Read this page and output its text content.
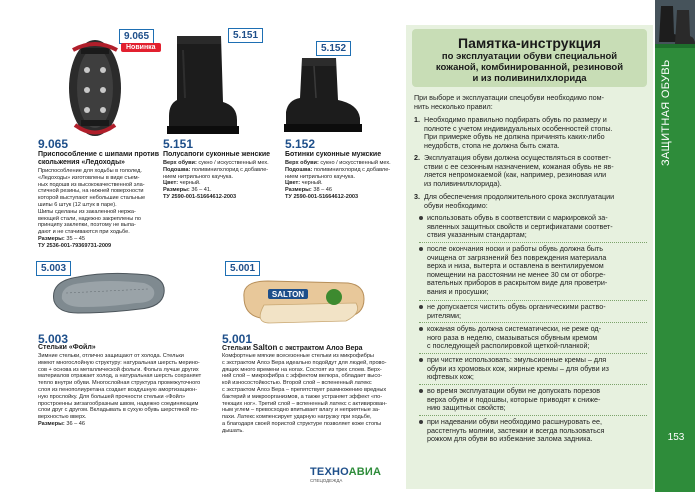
9.065
Новинка
9.065
Приспособление с шипами против
скольжения «Ледоходы»
Приспособление для ходьбы в гололед.
«Ледоходы» изготовлены в виде съем-
ных подошв из высококачественной эла-
стичной резины, на нижней поверхности
которой выступают небольшие стальные
шипы 6 штук (12 штук в паре).
Шипы сделаны из закаленной нержа-
веющей стали, надежно закреплены по
принципу заклепки, поэтому не выпа-
дают и не стачиваются при ходьбе.
Размеры: 35 – 45
ТУ 2536-001-79369731-2009
5.151
5.151
Полусапоги суконные женские
Верх обуви: сукно / искусственный мех.
Подошва: поливинилхлорид с добавле-
нием нитрильного каучука.
Цвет: черный.
Размеры: 36 – 41.
ТУ 2590-001-51664612-2003
5.152
5.152
Ботинки суконные мужские
Верх обуви: сукно / искусственный мех.
Подошва: поливинилхлорид с добавле-
нием нитрильного каучука.
Цвет: черный.
Размеры: 38 – 46
ТУ 2590-001-51664612-2003
5.003
5.003
Стельки «Фойл»
Зимние стельки, отлично защищают от холода. Стельки
имеют многослойную структуру: натуральная шерсть мерино-
сов + основа из металлической фольги. Фольга лучше других
материалов отражает холод, а натуральная шерсть сохраняет
тепло внутри обуви. Многослойная структура промежуточного
слоя из пенополиуретана создает воздушную амортизацион-
ную прослойку. Для большей прочности стельки «Фойл»
простроенны зигзагообразным швом, надежно соединяющим
слои друг с другом. Вкладывать в сухую обувь шерстяной по-
верхностью вверх.
Размеры: 36 – 46
5.001
SALTON
5.001
Стельки Salton с экстрактом Алоэ Вера
Комфортные мягкие всесезонные стельки из микрофибры
с экстрактом Алоэ Вера идеально подойдут для людей, прово-
дящих много времени на ногах. Состоят из трех слоев. Верх-
ний слой – микрофибра с эффектом велюра, обладает высо-
кой износостойкостью. Второй слой – вспененный латекс
с экстрактом Алоэ Вера – препятствует размножению вредных
бактерий и микроорганизмов, а также устраняет эффект «по-
теющих ног». Третий слой – вспененный латекс с активирован-
ным углем – превосходно впитывает влагу и неприятные за-
пахи. Латекс компенсирует ударную нагрузку при ходьбе,
а благодаря своей пористой структуре позволяет коже стопы
дышать.
ТЕХНОАВИА
СПЕЦОДЕЖДА
Памятка-инструкция
по эксплуатации обуви специальной
кожаной, комбинированной, резиновой
и из поливинилхлорида
При выборе и эксплуатации спецобуви необходимо пом-
нить несколько правил:
1. Необходимо правильно подбирать обувь по размеру и
полноте с учетом индивидуальных особенностей стопы.
При примерке обувь не должна причинять каких-либо
неудобств, стопа не должна быть сжата.
2. Эксплуатация обуви должна осуществляться в соответ-
ствии с ее сезонным назначением, кожаная обувь не яв-
ляется непромокаемой (как, например, резиновая или
из поливинилхлорида).
3. Для обеспечения продолжительного срока эксплуатации
обуви необходимо:
использовать обувь в соответствии с маркировкой за-
явленных защитных свойств и сертификатами соответ-
ствия указанным стандартам;
после окончания носки и работы обувь должна быть
очищена от загрязнений без повреждения материала
верха и низа, вытерта и оставлена в вентилируемом
помещении на расстоянии не менее 30 см от обогре-
вательных приборов в раскрытом виде для проветри-
вания и просушки;
не допускается чистить обувь органическими раство-
рителями;
кожаная обувь должна систематически, не реже од-
ного раза в неделю, смазываться обувным кремом
с последующей располировкой щеткой-планкой;
при чистке использовать: эмульсионные кремы – для
обуви из хромовых кож, жирные кремы – для обуви из
юфтевых кож;
во время эксплуатации обуви не допускать порезов
верха обуви и подошвы, которые приводят к сниже-
нию защитных свойств;
при надевании обуви необходимо расшнуровать ее,
расстегнуть молнии, застежки и всегда пользоваться
рожком для обуви во избежание залома задника.
ЗАЩИТНАЯ ОБУВЬ
153
